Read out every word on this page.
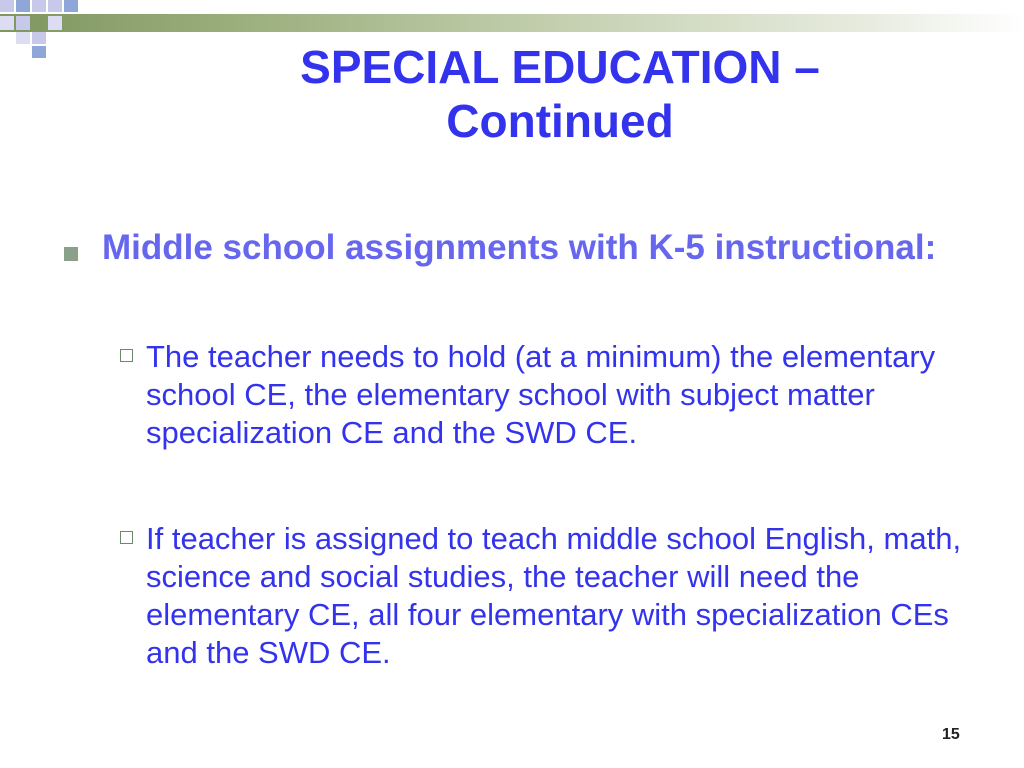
SPECIAL EDUCATION –
Continued
Middle school assignments with K-5 instructional:
The teacher needs to hold (at a minimum) the elementary school CE, the elementary school with subject matter specialization CE and the SWD CE.
If teacher is assigned to teach middle school English, math, science and social studies, the teacher will need the elementary CE, all four elementary with specialization CEs and the SWD CE.
15
